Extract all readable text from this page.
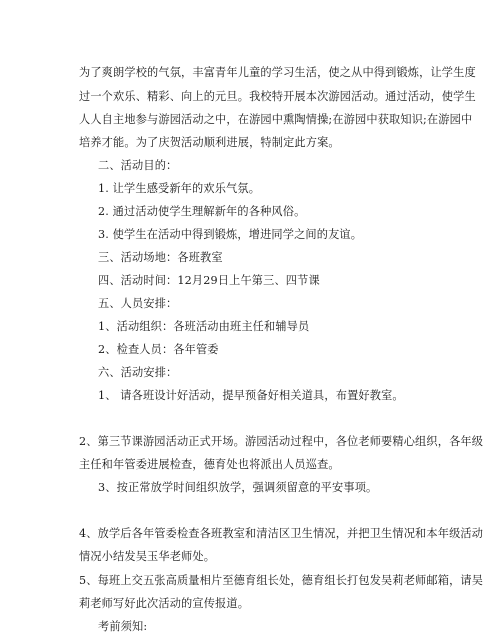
为了爽朗学校的气氛，丰富青年儿童的学习生活，使之从中得到锻炼，让学生度
过一个欢乐、精彩、向上的元旦。我校特开展本次游园活动。通过活动，使学生
人人自主地参与游园活动之中，在游园中熏陶情操;在游园中获取知识;在游园中
培养才能。为了庆贺活动顺利进展，特制定此方案。
二、活动目的：
1. 让学生感受新年的欢乐气氛。
2. 通过活动使学生理解新年的各种风俗。
3. 使学生在活动中得到锻炼，增进同学之间的友谊。
三、活动场地：各班教室
四、活动时间：12月29日上午第三、四节课
五、人员安排：
1、活动组织：各班活动由班主任和辅导员
2、检查人员：各年管委
六、活动安排：
1、 请各班设计好活动，提早预备好相关道具，布置好教室。
2、第三节课游园活动正式开场。游园活动过程中，各位老师要精心组织，各年级
主任和年管委进展检查，德育处也将派出人员巡查。
3、按正常放学时间组织放学，强调须留意的平安事项。
4、放学后各年管委检查各班教室和清洁区卫生情况，并把卫生情况和本年级活动
情况小结发吴玉华老师处。
5、每班上交五张高质量相片至德育组长处，德育组长打包发吴莉老师邮箱，请吴
莉老师写好此次活动的宣传报道。
考前须知:
